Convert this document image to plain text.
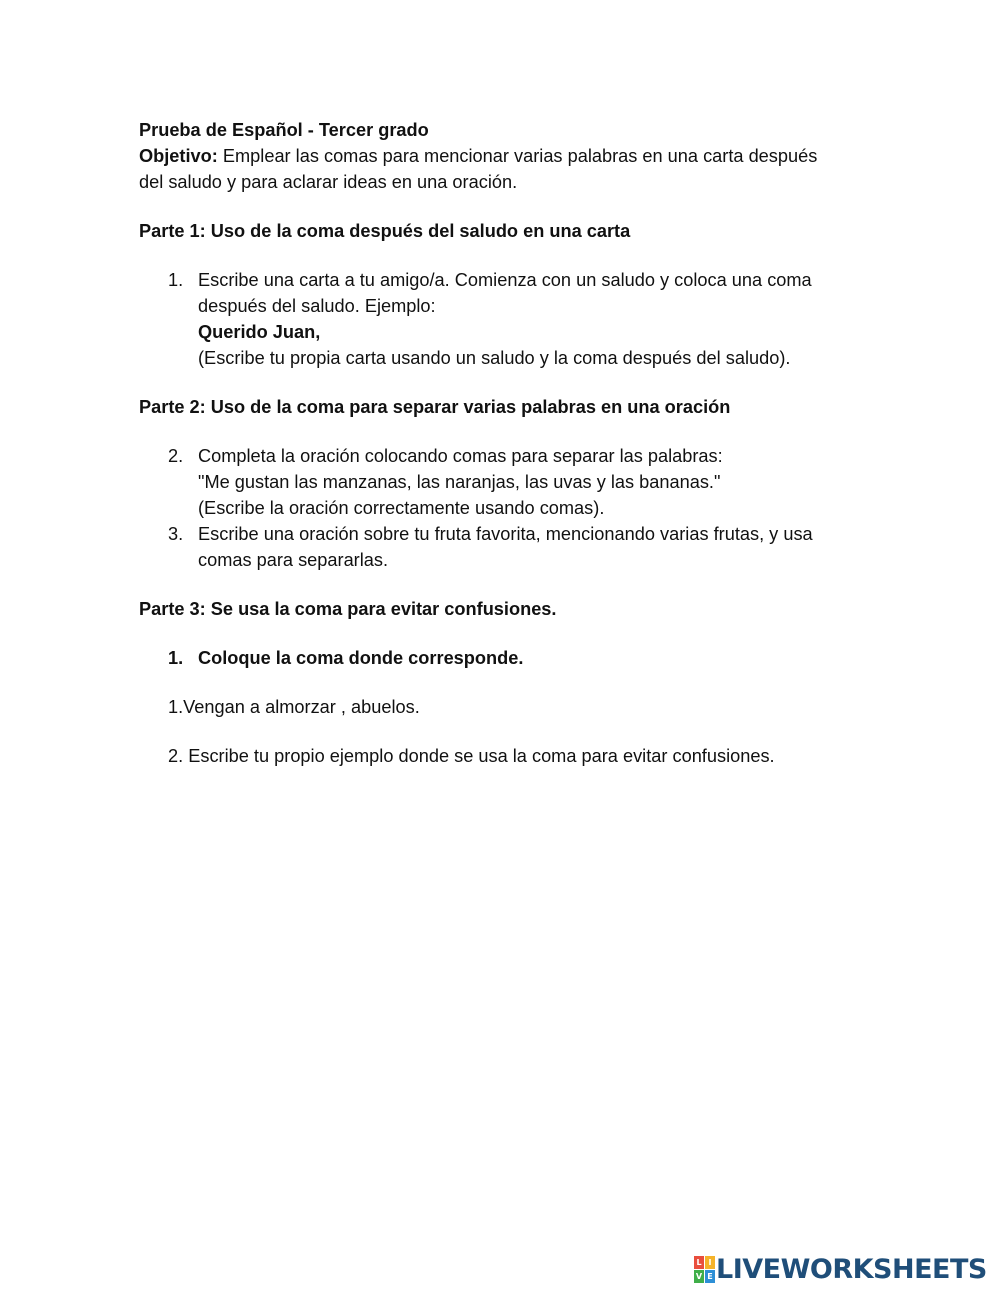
Prueba de Español - Tercer grado
Objetivo: Emplear las comas para mencionar varias palabras en una carta después
del saludo y para aclarar ideas en una oración.
Parte 1: Uso de la coma después del saludo en una carta
1. Escribe una carta a tu amigo/a. Comienza con un saludo y coloca una coma
después del saludo. Ejemplo:
Querido Juan,
(Escribe tu propia carta usando un saludo y la coma después del saludo).
Parte 2: Uso de la coma para separar varias palabras en una oración
2. Completa la oración colocando comas para separar las palabras:
"Me gustan las manzanas, las naranjas, las uvas y las bananas."
(Escribe la oración correctamente usando comas).
3. Escribe una oración sobre tu fruta favorita, mencionando varias frutas, y usa
comas para separarlas.
Parte 3: Se usa la coma para evitar confusiones.
1. Coloque la coma donde corresponde.
1.Vengan a almorzar , abuelos.
2. Escribe tu propio ejemplo donde se usa la coma para evitar confusiones.
L I
V E LIVEWORKSHEETS
